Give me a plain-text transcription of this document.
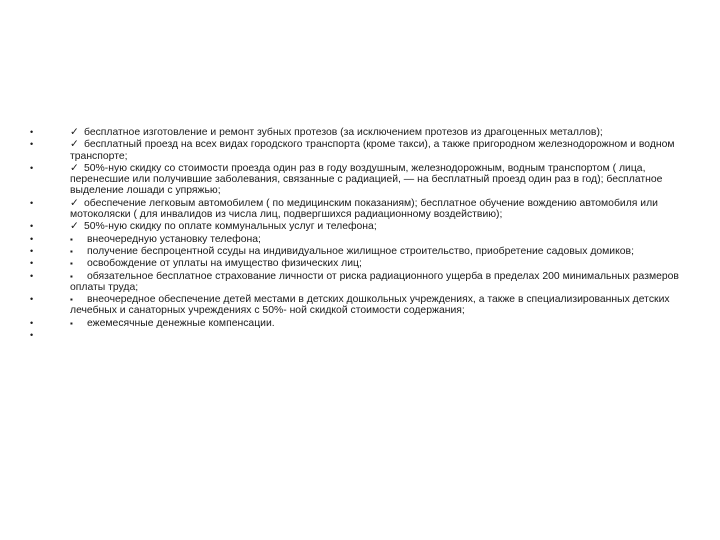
•	✓ бесплатное изготовление и ремонт зубных протезов (за исключением протезов из драгоценных металлов);
•	✓ бесплатный проезд на всех видах городского транспорта (кроме такси), а также пригородном железнодорожном и водном транспорте;
•	✓ 50%-ную скидку со стоимости проезда один раз в году воздушным, железнодорожным, водным транспортом ( лица, перенесшие или получившие заболевания, связанные с радиацией, — на бесплатный проезд один раз в год); бесплатное выделение лошади с упряжью;
•	✓ обеспечение легковым автомобилем ( по медицинским показаниям); бесплатное обучение вождению автомобиля или мотоколяски ( для инвалидов из числа лиц, подвергшихся радиационному воздействию);
•	✓ 50%-ную скидку по оплате коммунальных услуг и телефона;
•	▪ внеочередную установку телефона;
•	▪ получение беспроцентной ссуды на индивидуальное жилищное строительство, приобретение садовых домиков;
•	▪ освобождение от уплаты на имущество физических лиц;
•	▪ обязательное бесплатное страхование личности от риска радиационного ущерба в пределах 200 минимальных размеров оплаты труда;
•	▪ внеочередное обеспечение детей местами в детских дошкольных учреждениях, а также в специализированных детских лечебных и санаторных учреждениях с 50%- ной скидкой стоимости содержания;
•	▪ ежемесячные денежные компенсации.
•
